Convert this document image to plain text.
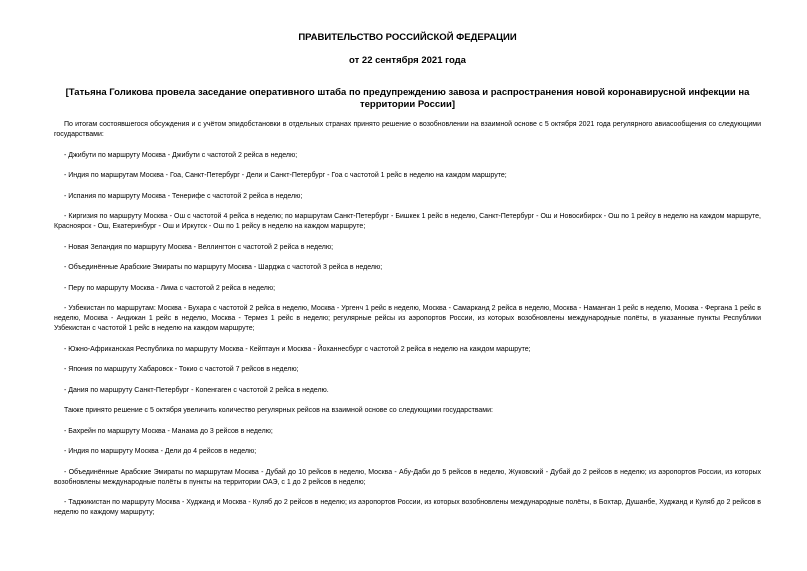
ПРАВИТЕЛЬСТВО РОССИЙСКОЙ ФЕДЕРАЦИИ

от 22 сентября 2021 года

[Татьяна Голикова провела заседание оперативного штаба по предупреждению завоза и распространения новой коронавирусной инфекции на территории России]

По итогам состоявшегося обсуждения и с учётом эпидобстановки в отдельных странах принято решение о возобновлении на взаимной основе с 5 октября 2021 года регулярного авиасообщения со следующими государствами:

- Джибути по маршруту Москва - Джибути с частотой 2 рейса в неделю;

- Индия по маршрутам Москва - Гоа, Санкт-Петербург - Дели и Санкт-Петербург - Гоа с частотой 1 рейс в неделю на каждом маршруте;

- Испания по маршруту Москва - Тенерифе с частотой 2 рейса в неделю;

- Киргизия по маршруту Москва - Ош с частотой 4 рейса в неделю; по маршрутам Санкт-Петербург - Бишкек 1 рейс в неделю, Санкт-Петербург - Ош и Новосибирск - Ош по 1 рейсу в неделю на каждом маршруте, Красноярск - Ош, Екатеринбург - Ош и Иркутск - Ош по 1 рейсу в неделю на каждом маршруте;

- Новая Зеландия по маршруту Москва - Веллингтон с частотой 2 рейса в неделю;

- Объединённые Арабские Эмираты по маршруту Москва - Шарджа с частотой 3 рейса в неделю;

- Перу по маршруту Москва - Лима с частотой 2 рейса в неделю;

- Узбекистан по маршрутам: Москва - Бухара с частотой 2 рейса в неделю, Москва - Ургенч 1 рейс в неделю, Москва - Самарканд 2 рейса в неделю, Москва - Наманган 1 рейс в неделю, Москва - Фергана 1 рейс в неделю, Москва - Андижан 1 рейс в неделю, Москва - Термез 1 рейс в неделю; регулярные рейсы из аэропортов России, из которых возобновлены международные полёты, в указанные пункты Республики Узбекистан с частотой 1 рейс в неделю на каждом маршруте;

- Южно-Африканская Республика по маршруту Москва - Кейптаун и Москва - Йоханнесбург с частотой 2 рейса в неделю на каждом маршруте;

- Япония по маршруту Хабаровск - Токио с частотой 7 рейсов в неделю;

- Дания по маршруту Санкт-Петербург - Копенгаген с частотой 2 рейса в неделю.

Также принято решение с 5 октября увеличить количество регулярных рейсов на взаимной основе со следующими государствами:

- Бахрейн по маршруту Москва - Манама до 3 рейсов в неделю;

- Индия по маршруту Москва - Дели до 4 рейсов в неделю;

- Объединённые Арабские Эмираты по маршрутам Москва - Дубай до 10 рейсов в неделю, Москва - Абу-Даби до 5 рейсов в неделю, Жуковский - Дубай до 2 рейсов в неделю; из аэропортов России, из которых возобновлены международные полёты в пункты на территории ОАЭ, с 1 до 2 рейсов в неделю;

- Таджикистан по маршруту Москва - Худжанд и Москва - Куляб до 2 рейсов в неделю; из аэропортов России, из которых возобновлены международные полёты, в Бохтар, Душанбе, Худжанд и Куляб до 2 рейсов в неделю по каждому маршруту;
